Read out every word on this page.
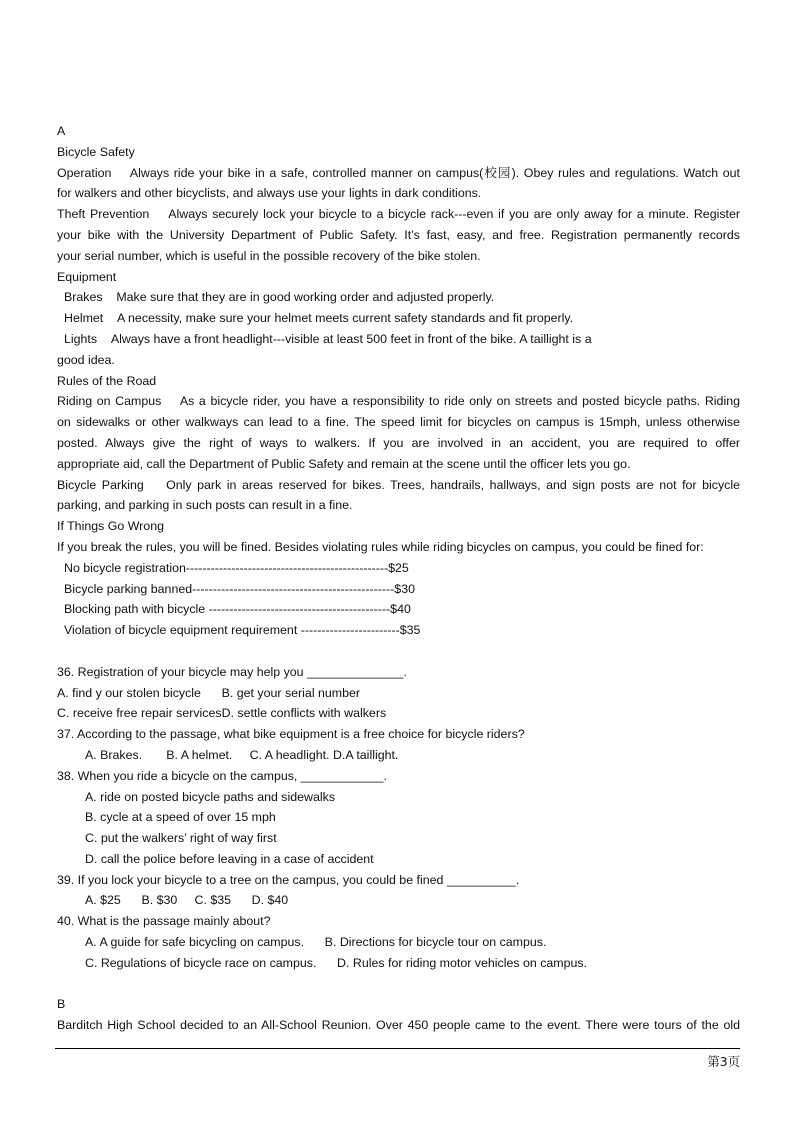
A
Bicycle Safety
Operation    Always ride your bike in a safe, controlled manner on campus(校园). Obey rules and regulations. Watch out
for walkers and other bicyclists, and always use your lights in dark conditions.
Theft Prevention    Always securely lock your bicycle to a bicycle rack---even if you are only away for a minute. Register
your bike with the University Department of Public Safety. It’s fast, easy, and free. Registration permanently records
your serial number, which is useful in the possible recovery of the bike stolen.
Equipment
Brakes    Make sure that they are in good working order and adjusted properly.
Helmet    A necessity, make sure your helmet meets current safety standards and fit properly.
Lights    Always have a front headlight---visible at least 500 feet in front of the bike. A taillight is a
good idea.
Rules of the Road
Riding on Campus    As a bicycle rider, you have a responsibility to ride only on streets and posted bicycle paths. Riding
on sidewalks or other walkways can lead to a fine. The speed limit for bicycles on campus is 15mph, unless otherwise
posted. Always give the right of ways to walkers. If you are involved in an accident, you are required to offer
appropriate aid, call the Department of Public Safety and remain at the scene until the officer lets you go.
Bicycle Parking    Only park in areas reserved for bikes. Trees, handrails, hallways, and sign posts are not for bicycle
parking, and parking in such posts can result in a fine.
If Things Go Wrong
If you break the rules, you will be fined. Besides violating rules while riding bicycles on campus, you could be fined for:
No bicycle registration-------------------------------------------------$25
Bicycle parking banned-------------------------------------------------$30
Blocking path with bicycle --------------------------------------------$40
Violation of bicycle equipment requirement ------------------------$35
36. Registration of your bicycle may help you ______________.
A. find y our stolen bicycle      B. get your serial number
C. receive free repair servicesD. settle conflicts with walkers
37. According to the passage, what bike equipment is a free choice for bicycle riders?
A. Brakes.       B. A helmet.     C. A headlight. D.A taillight.
38. When you ride a bicycle on the campus, ____________.
A. ride on posted bicycle paths and sidewalks
B. cycle at a speed of over 15 mph
C. put the walkers’ right of way first
D. call the police before leaving in a case of accident
39. If you lock your bicycle to a tree on the campus, you could be fined __________.
A. $25      B. $30     C. $35      D. $40
40. What is the passage mainly about?
A. A guide for safe bicycling on campus.      B. Directions for bicycle tour on campus.
C. Regulations of bicycle race on campus.      D. Rules for riding motor vehicles on campus.
B
Barditch High School decided to an All-School Reunion. Over 450 people came to the event. There were tours of the old
第3页
